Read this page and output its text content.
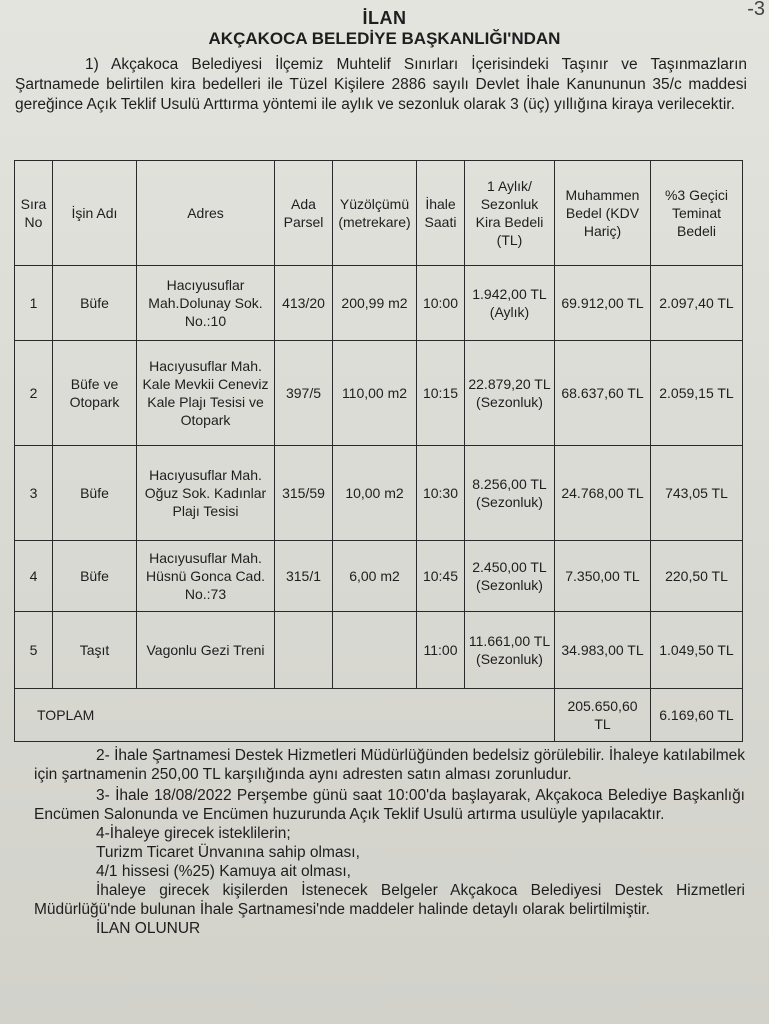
-3
İLAN
AKÇAKOCA BELEDİYE BAŞKANLIĞI'NDAN
1) Akçakoca Belediyesi İlçemiz Muhtelif Sınırları İçerisindeki Taşınır ve Taşınmazların Şartnamede belirtilen kira bedelleri ile Tüzel Kişilere 2886 sayılı Devlet İhale Kanununun 35/c maddesi gereğince Açık Teklif Usulü Arttırma yöntemi ile aylık ve sezonluk olarak 3 (üç) yıllığına kiraya verilecektir.
Sıra No	İşin Adı	Adres	Ada Parsel	Yüzölçümü (metrekare)	İhale Saati	1 Aylık/ Sezonluk Kira Bedeli (TL)	Muhammen Bedel (KDV Hariç)	%3 Geçici Teminat Bedeli
1	Büfe	Hacıyusuflar Mah.Dolunay Sok. No.:10	413/20	200,99 m2	10:00	1.942,00 TL (Aylık)	69.912,00 TL	2.097,40 TL
2	Büfe ve Otopark	Hacıyusuflar Mah. Kale Mevkii Ceneviz Kale Plajı Tesisi ve Otopark	397/5	110,00 m2	10:15	22.879,20 TL (Sezonluk)	68.637,60 TL	2.059,15 TL
3	Büfe	Hacıyusuflar Mah. Oğuz Sok. Kadınlar Plajı Tesisi	315/59	10,00 m2	10:30	8.256,00 TL (Sezonluk)	24.768,00 TL	743,05 TL
4	Büfe	Hacıyusuflar Mah. Hüsnü Gonca Cad. No.:73	315/1	6,00 m2	10:45	2.450,00 TL (Sezonluk)	7.350,00 TL	220,50 TL
5	Taşıt	Vagonlu Gezi Treni			11:00	11.661,00 TL (Sezonluk)	34.983,00 TL	1.049,50 TL
TOPLAM							205.650,60 TL	6.169,60 TL

2- İhale Şartnamesi Destek Hizmetleri Müdürlüğünden bedelsiz görülebilir. İhaleye katılabilmek için şartnamenin 250,00 TL karşılığında aynı adresten satın alması zorunludur.

3- İhale 18/08/2022 Perşembe günü saat 10:00'da başlayarak, Akçakoca Belediye Başkanlığı Encümen Salonunda ve Encümen huzurunda Açık Teklif Usulü artırma usulüyle yapılacaktır.

4-İhaleye girecek isteklilerin;

Turizm Ticaret Ünvanına sahip olması,

4/1 hissesi (%25) Kamuya ait olması,

İhaleye girecek kişilerden İstenecek Belgeler Akçakoca Belediyesi Destek Hizmetleri Müdürlüğü'nde bulunan İhale Şartnamesi'nde maddeler halinde detaylı olarak belirtilmiştir.

İLAN OLUNUR
